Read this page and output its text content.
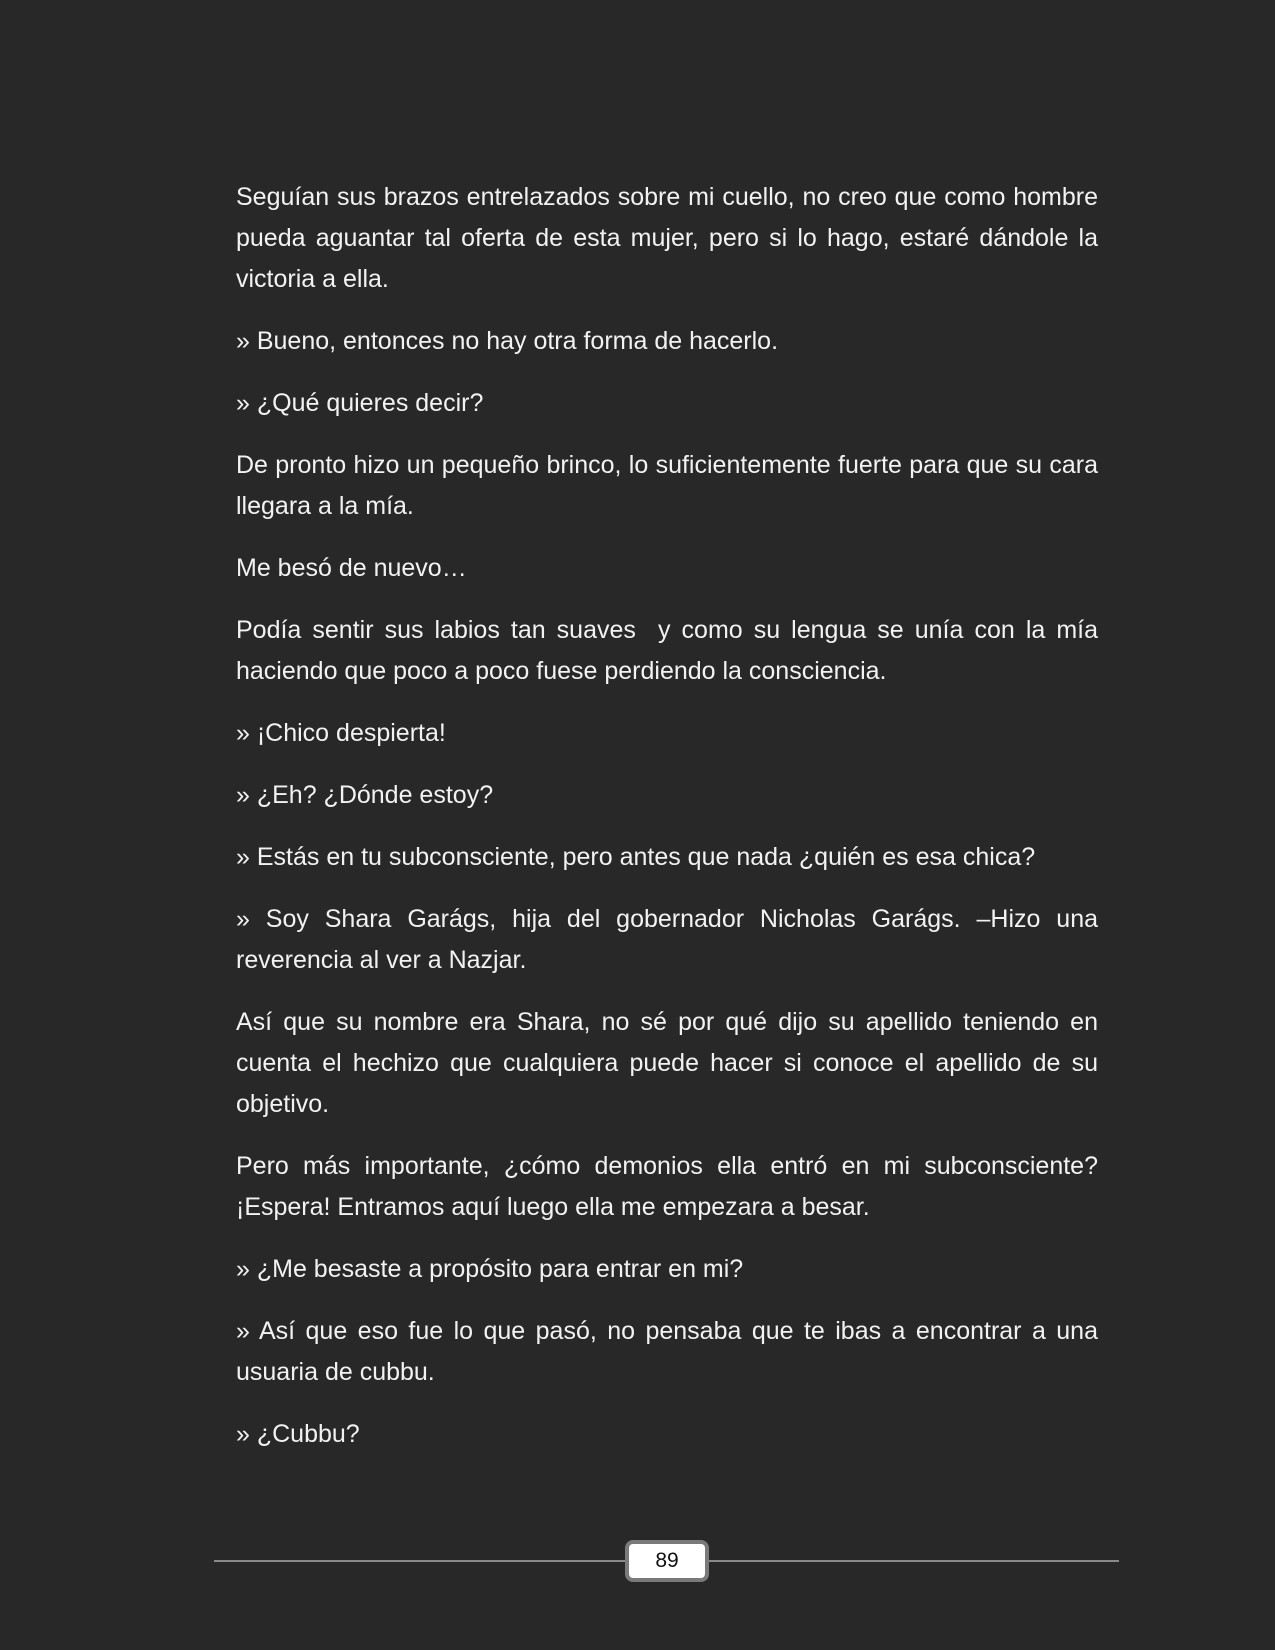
Seguían sus brazos entrelazados sobre mi cuello, no creo que como hombre pueda aguantar tal oferta de esta mujer, pero si lo hago, estaré dándole la victoria a ella.

» Bueno, entonces no hay otra forma de hacerlo.

» ¿Qué quieres decir?

De pronto hizo un pequeño brinco, lo suficientemente fuerte para que su cara llegara a la mía.

Me besó de nuevo…

Podía sentir sus labios tan suaves  y como su lengua se unía con la mía haciendo que poco a poco fuese perdiendo la consciencia.

» ¡Chico despierta!

» ¿Eh? ¿Dónde estoy?

» Estás en tu subconsciente, pero antes que nada ¿quién es esa chica?

» Soy Shara Garágs, hija del gobernador Nicholas Garágs. –Hizo una reverencia al ver a Nazjar.

Así que su nombre era Shara, no sé por qué dijo su apellido teniendo en cuenta el hechizo que cualquiera puede hacer si conoce el apellido de su objetivo.

Pero más importante, ¿cómo demonios ella entró en mi subconsciente? ¡Espera! Entramos aquí luego ella me empezara a besar.

» ¿Me besaste a propósito para entrar en mi?

» Así que eso fue lo que pasó, no pensaba que te ibas a encontrar a una usuaria de cubbu.

» ¿Cubbu?

89
